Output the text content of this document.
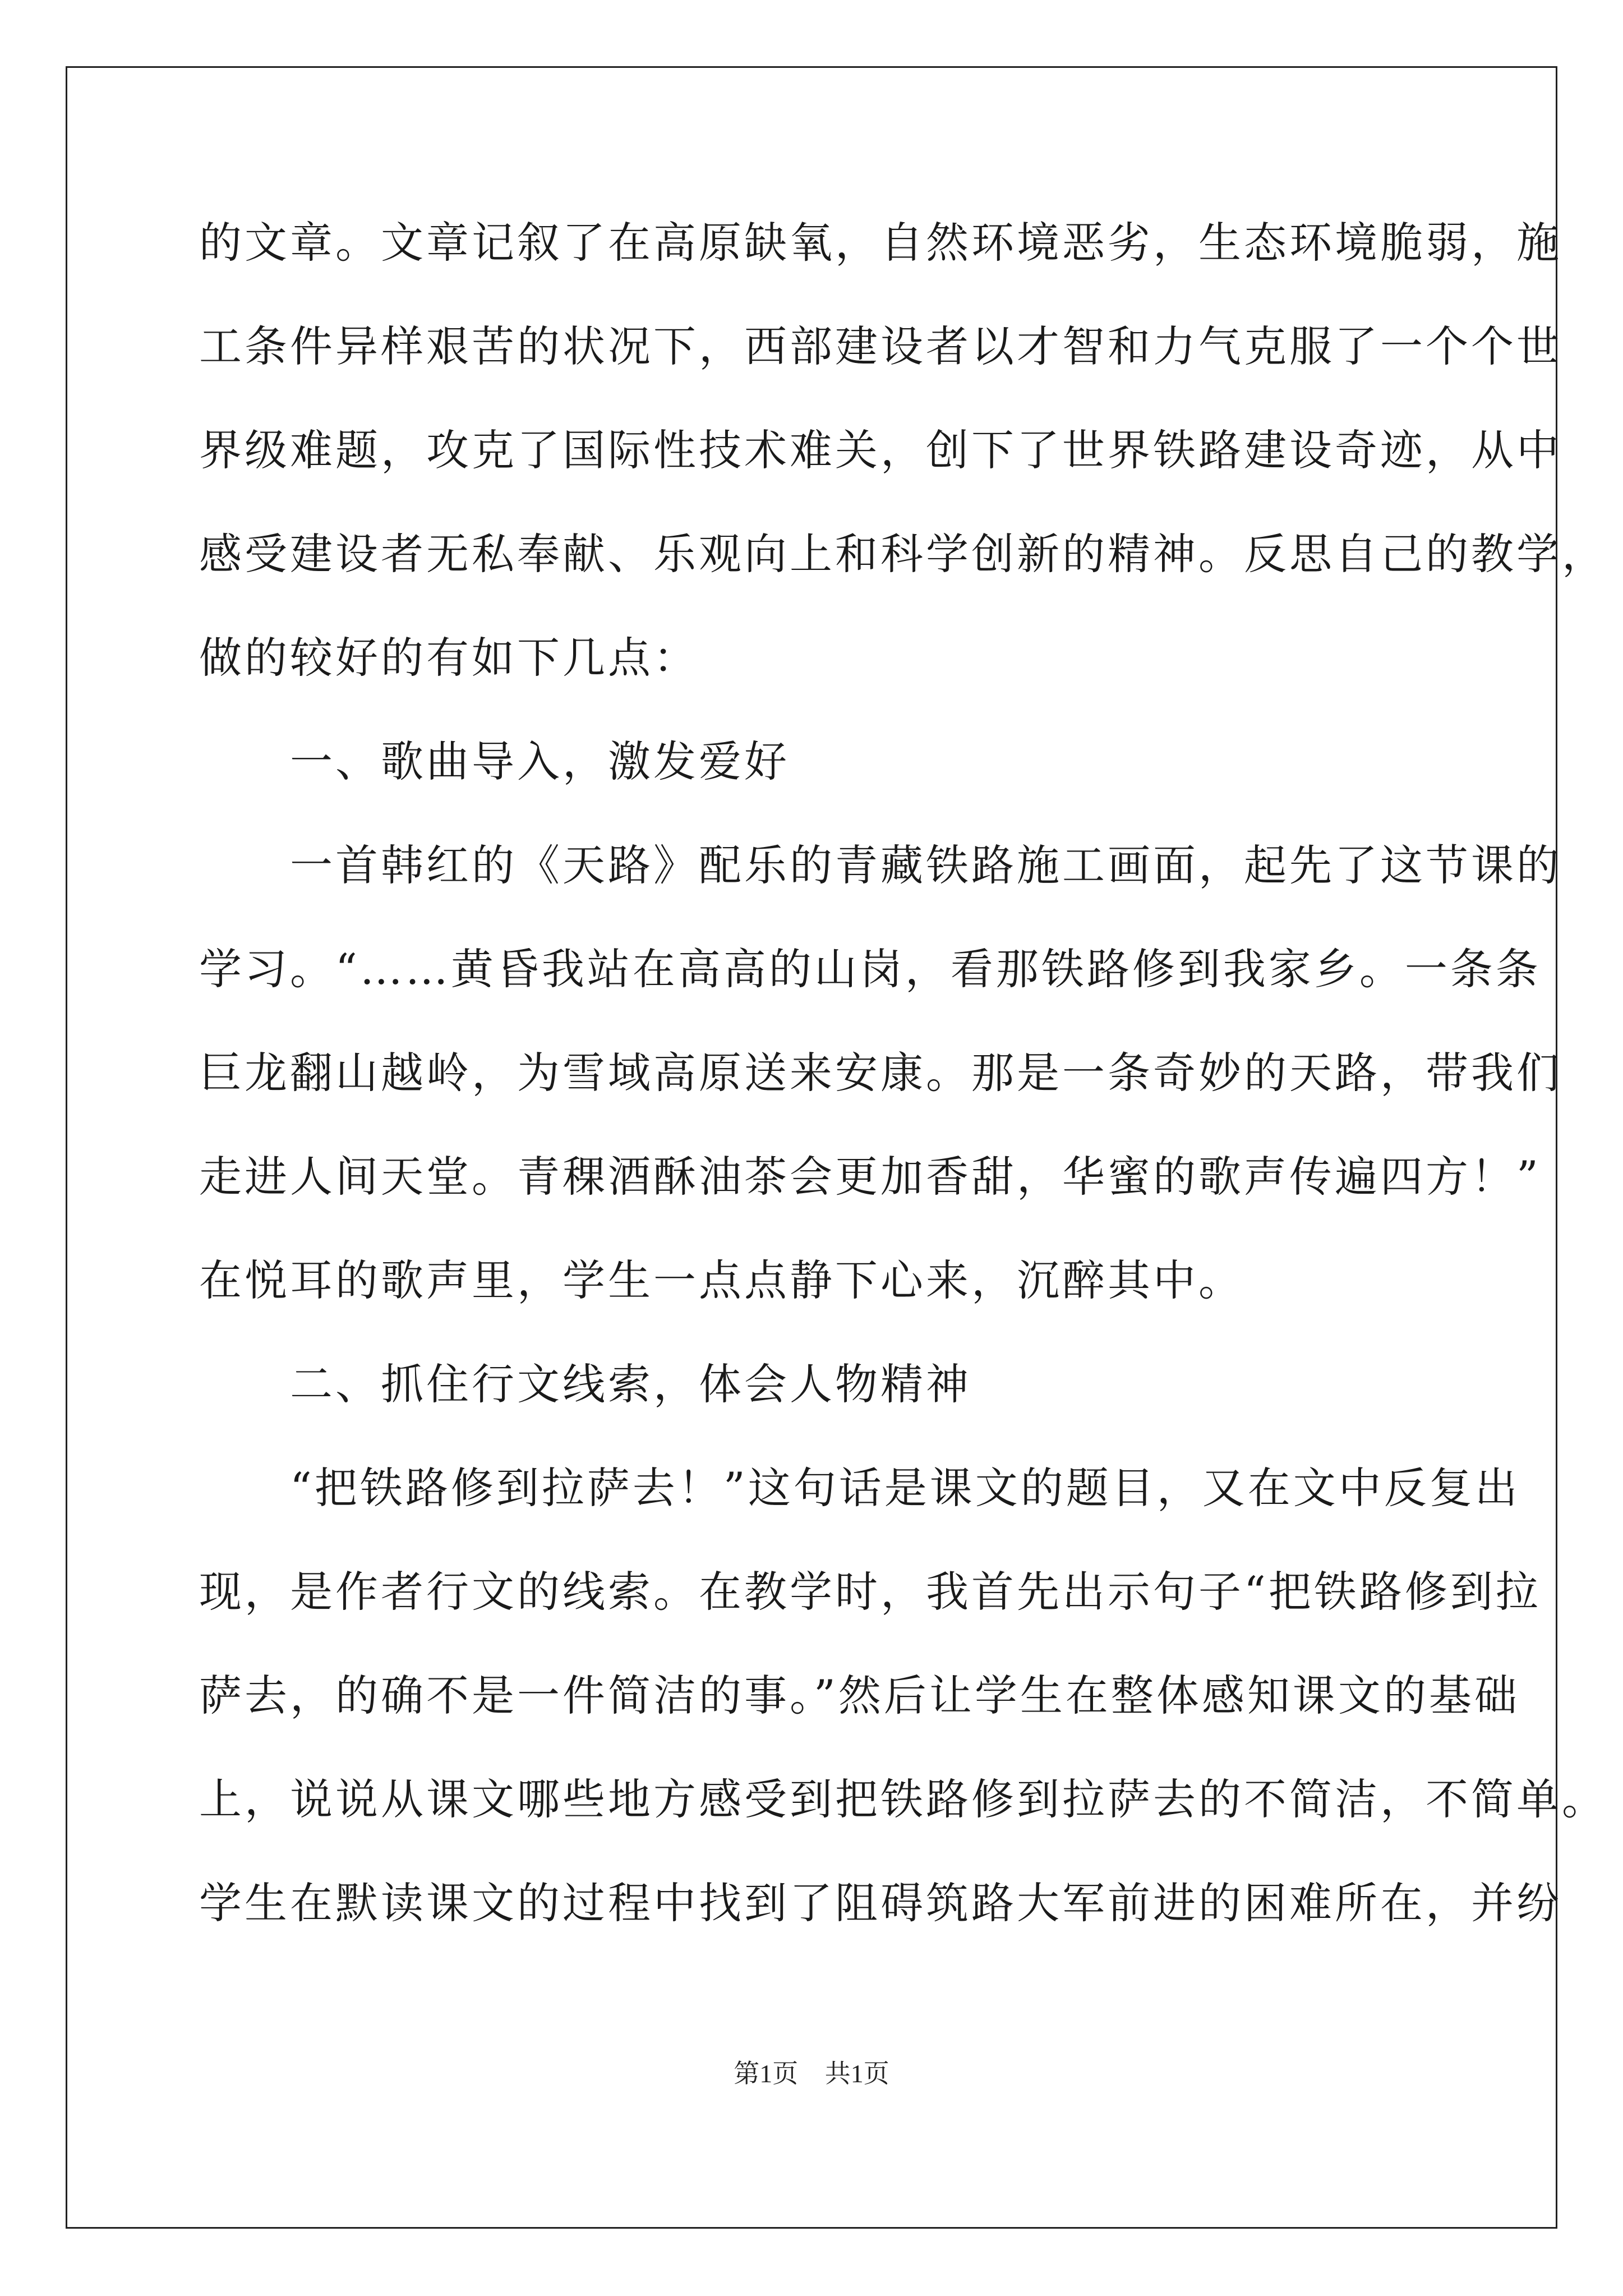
的文章。文章记叙了在高原缺氧，自然环境恶劣，生态环境脆弱，施
工条件异样艰苦的状况下，西部建设者以才智和力气克服了一个个世
界级难题，攻克了国际性技术难关，创下了世界铁路建设奇迹，从中
感受建设者无私奉献、乐观向上和科学创新的精神。反思自己的教学，
做的较好的有如下几点：
　　一、歌曲导入，激发爱好
　　一首韩红的《天路》配乐的青藏铁路施工画面，起先了这节课的
学习。“……黄昏我站在高高的山岗，看那铁路修到我家乡。一条条
巨龙翻山越岭，为雪域高原送来安康。那是一条奇妙的天路，带我们
走进人间天堂。青稞酒酥油茶会更加香甜，华蜜的歌声传遍四方！”
在悦耳的歌声里，学生一点点静下心来，沉醉其中。
　　二、抓住行文线索，体会人物精神
　　“把铁路修到拉萨去！”这句话是课文的题目，又在文中反复出
现，是作者行文的线索。在教学时，我首先出示句子“把铁路修到拉
萨去，的确不是一件简洁的事。”然后让学生在整体感知课文的基础
上，说说从课文哪些地方感受到把铁路修到拉萨去的不简洁，不简单。
学生在默读课文的过程中找到了阻碍筑路大军前进的困难所在，并纷
第1页 共1页
